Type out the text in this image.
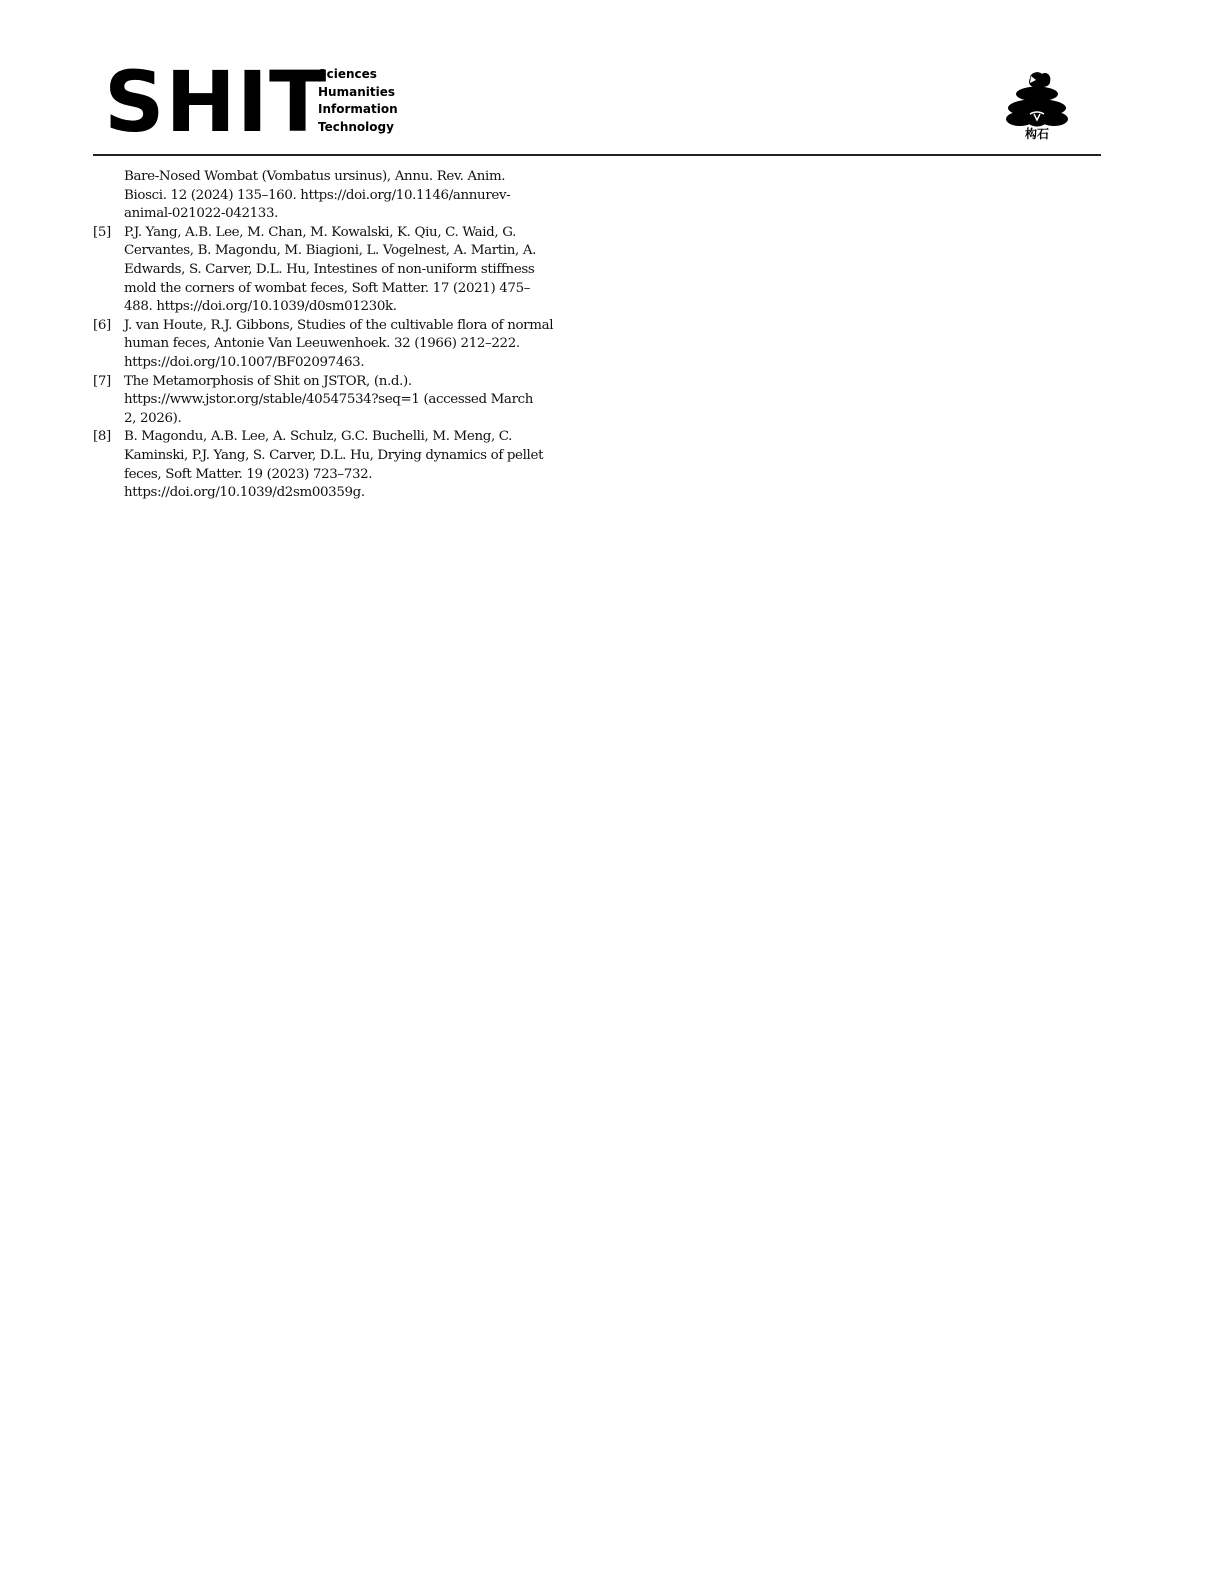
SHIT
Sciences
Humanities
Information
Technology
构石
Bare-Nosed Wombat (Vombatus ursinus), Annu. Rev. Anim.
Biosci. 12 (2024) 135–160. https://doi.org/10.1146/annurev-
animal-021022-042133.
[5] P.J. Yang, A.B. Lee, M. Chan, M. Kowalski, K. Qiu, C. Waid, G.
Cervantes, B. Magondu, M. Biagioni, L. Vogelnest, A. Martin, A.
Edwards, S. Carver, D.L. Hu, Intestines of non-uniform stiffness
mold the corners of wombat feces, Soft Matter. 17 (2021) 475–
488. https://doi.org/10.1039/d0sm01230k.
[6] J. van Houte, R.J. Gibbons, Studies of the cultivable flora of normal
human feces, Antonie Van Leeuwenhoek. 32 (1966) 212–222.
https://doi.org/10.1007/BF02097463.
[7] The Metamorphosis of Shit on JSTOR, (n.d.).
https://www.jstor.org/stable/40547534?seq=1 (accessed March
2, 2026).
[8] B. Magondu, A.B. Lee, A. Schulz, G.C. Buchelli, M. Meng, C.
Kaminski, P.J. Yang, S. Carver, D.L. Hu, Drying dynamics of pellet
feces, Soft Matter. 19 (2023) 723–732.
https://doi.org/10.1039/d2sm00359g.
